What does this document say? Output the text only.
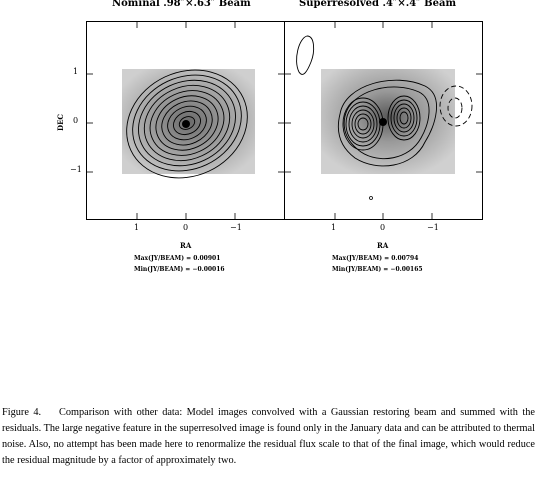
Nominal .98″×.63″ Beam	Superresolved .4″×.4″ Beam
1
0
−1
DEC
1	0	−1
RA
1	0	−1
RA
Max(JY/BEAM) = 0.00901
Min(JY/BEAM) = −0.00016
Max(JY/BEAM) = 0.00794
Min(JY/BEAM) = −0.00165
Figure 4. Comparison with other data: Model images convolved with a Gaussian restoring beam and summed with the residuals. The large negative feature in the superresolved image is found only in the January data and can be attributed to thermal noise. Also, no attempt has been made here to renormalize the residual flux scale to that of the final image, which would reduce the residual magnitude by a factor of approximately two.
